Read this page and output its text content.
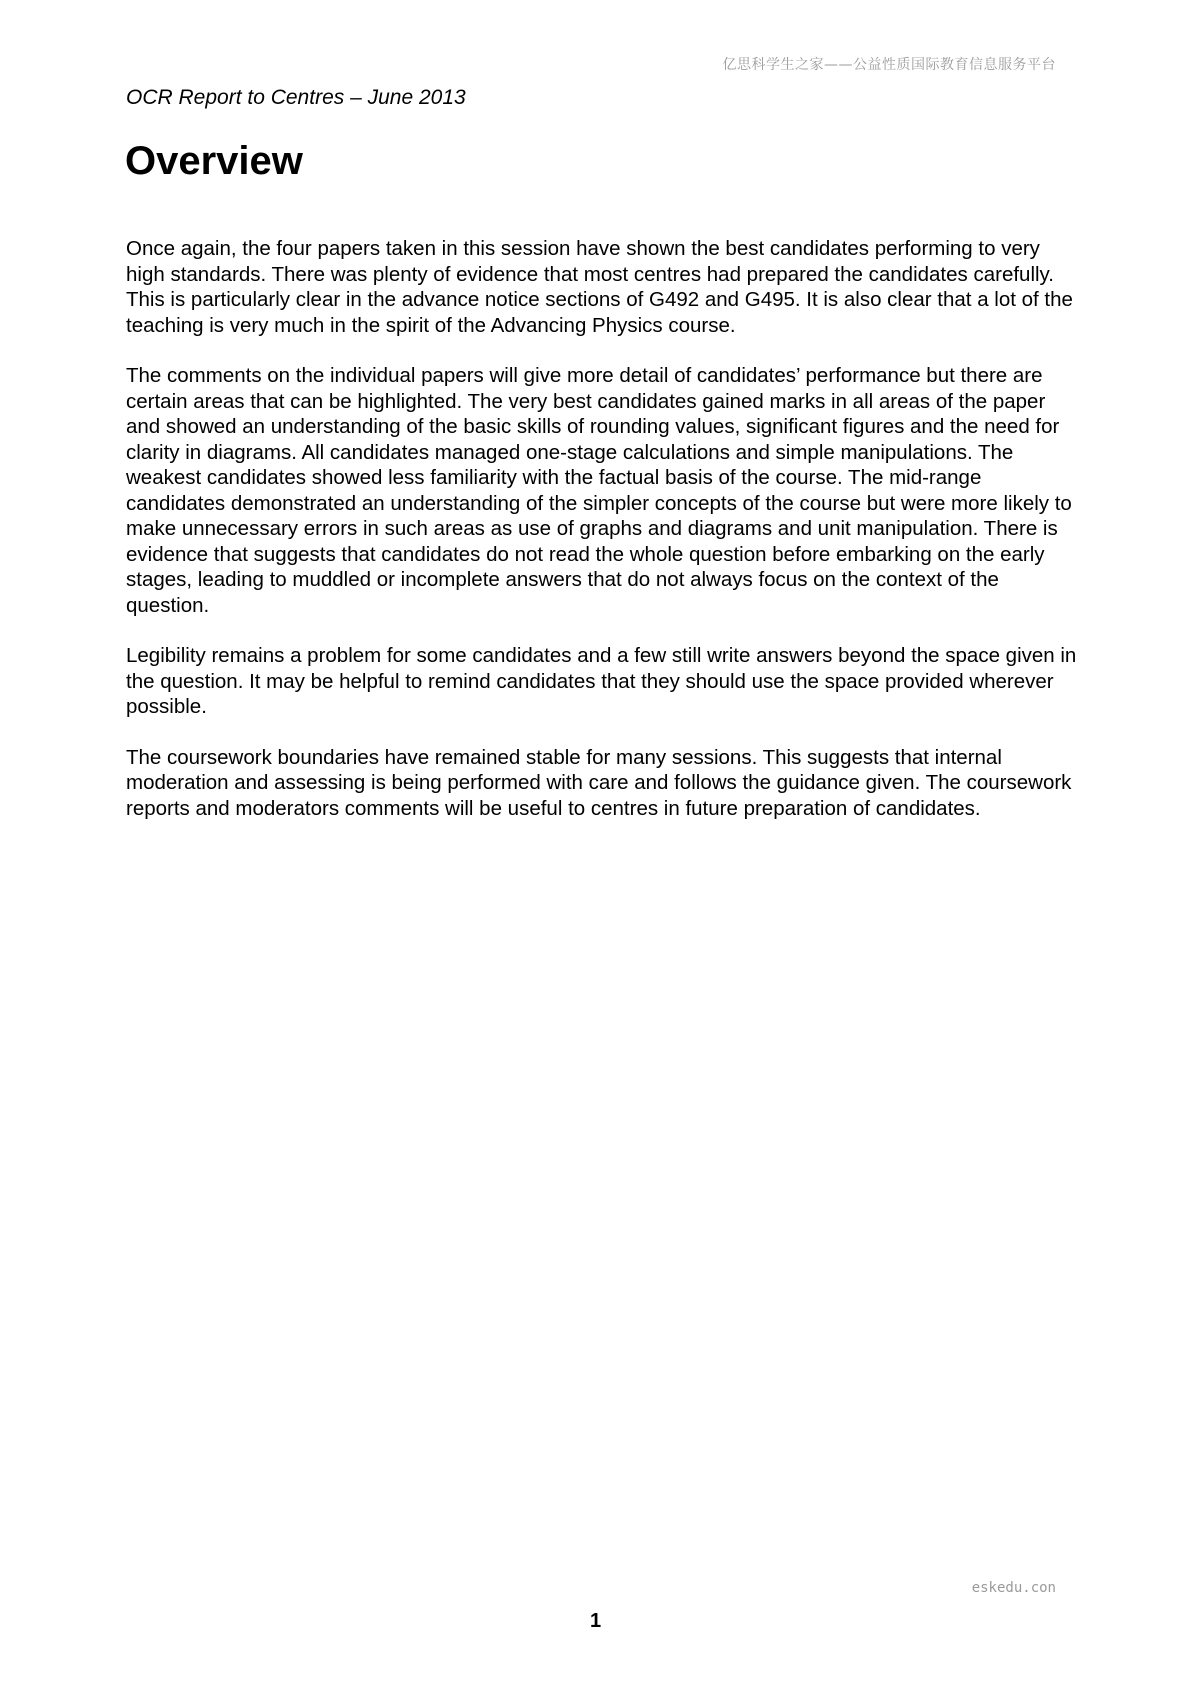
亿思科学生之家——公益性质国际教育信息服务平台
OCR Report to Centres – June 2013
Overview

Once again, the four papers taken in this session have shown the best candidates performing to very high standards. There was plenty of evidence that most centres had prepared the candidates carefully. This is particularly clear in the advance notice sections of G492 and G495. It is also clear that a lot of the teaching is very much in the spirit of the Advancing Physics course.

The comments on the individual papers will give more detail of candidates’ performance but there are certain areas that can be highlighted. The very best candidates gained marks in all areas of the paper and showed an understanding of the basic skills of rounding values, significant figures and the need for clarity in diagrams. All candidates managed one-stage calculations and simple manipulations. The weakest candidates showed less familiarity with the factual basis of the course. The mid-range candidates demonstrated an understanding of the simpler concepts of the course but were more likely to make unnecessary errors in such areas as use of graphs and diagrams and unit manipulation. There is evidence that suggests that candidates do not read the whole question before embarking on the early stages, leading to muddled or incomplete answers that do not always focus on the context of the question.

Legibility remains a problem for some candidates and a few still write answers beyond the space given in the question. It may be helpful to remind candidates that they should use the space provided wherever possible.

The coursework boundaries have remained stable for many sessions. This suggests that internal moderation and assessing is being performed with care and follows the guidance given. The coursework reports and moderators comments will be useful to centres in future preparation of candidates.

eskedu.con
1
